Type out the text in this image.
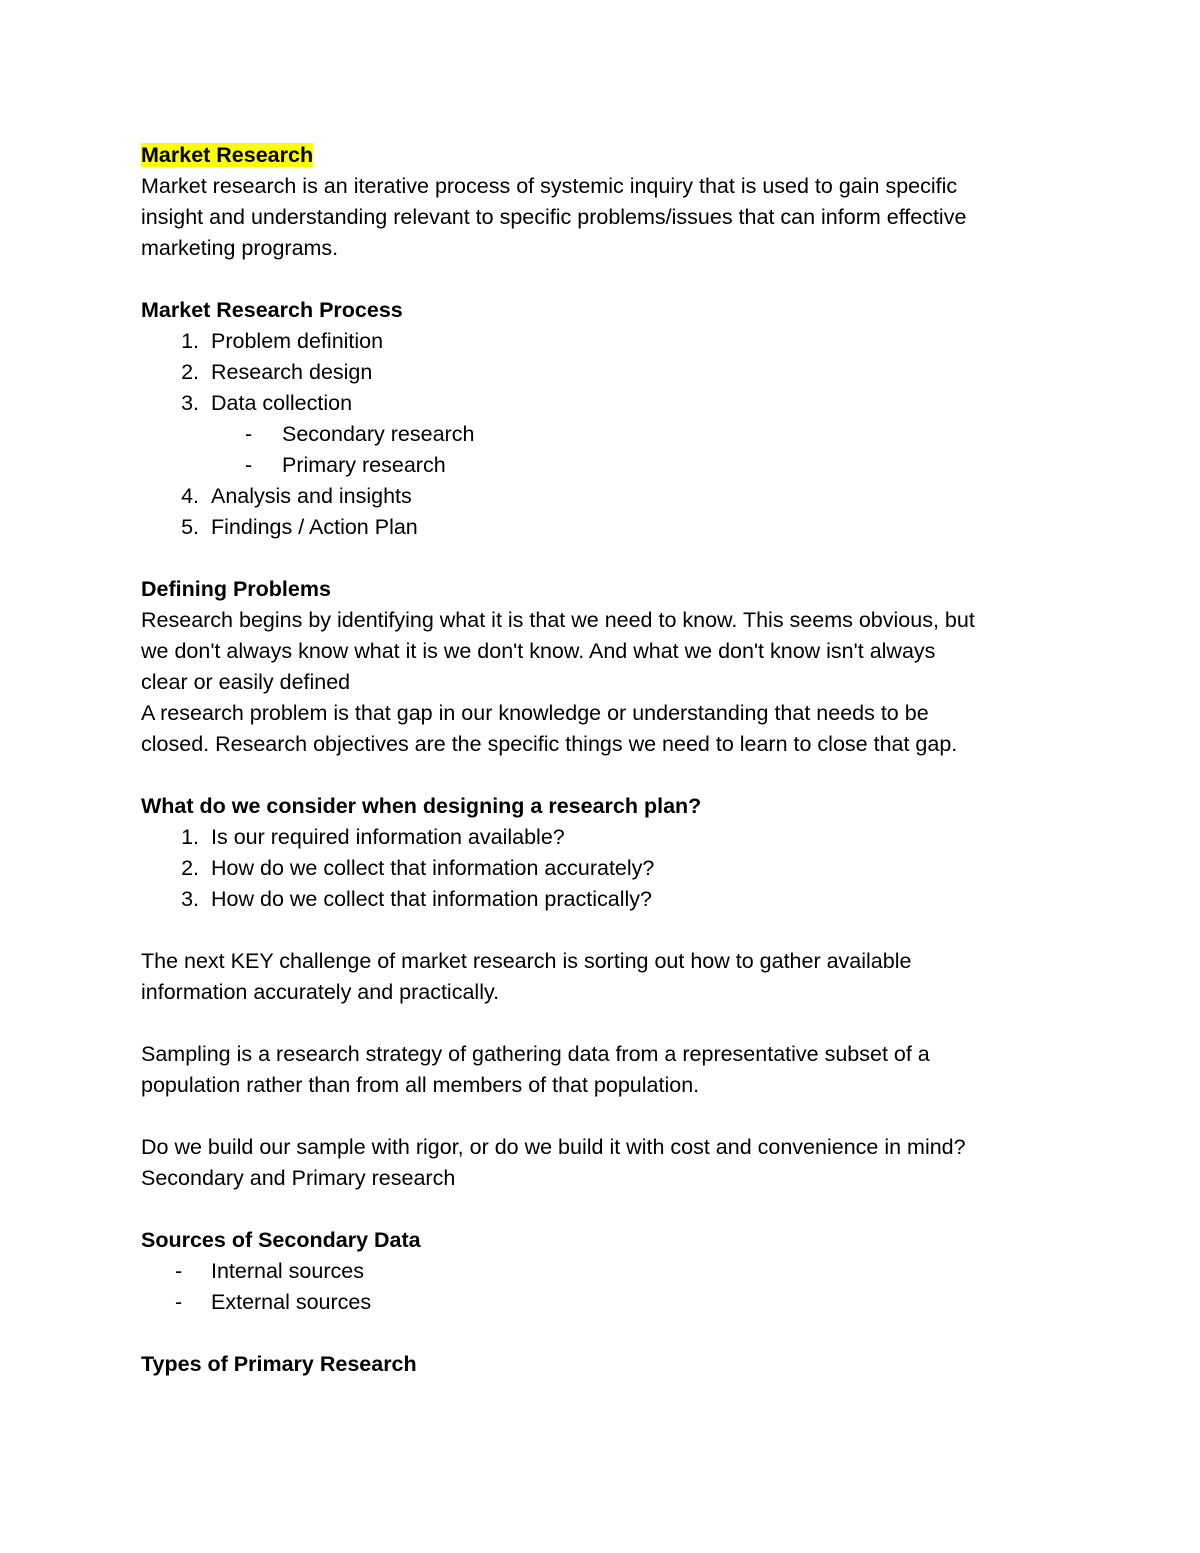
Market Research
Market research is an iterative process of systemic inquiry that is used to gain specific
insight and understanding relevant to specific problems/issues that can inform effective
marketing programs.
Market Research Process
1. Problem definition
2. Research design
3. Data collection
- Secondary research
- Primary research
4. Analysis and insights
5. Findings / Action Plan
Defining Problems
Research begins by identifying what it is that we need to know. This seems obvious, but
we don't always know what it is we don't know. And what we don't know isn't always
clear or easily defined
A research problem is that gap in our knowledge or understanding that needs to be
closed. Research objectives are the specific things we need to learn to close that gap.
What do we consider when designing a research plan?
1. Is our required information available?
2. How do we collect that information accurately?
3. How do we collect that information practically?
The next KEY challenge of market research is sorting out how to gather available
information accurately and practically.
Sampling is a research strategy of gathering data from a representative subset of a
population rather than from all members of that population.
Do we build our sample with rigor, or do we build it with cost and convenience in mind?
Secondary and Primary research
Sources of Secondary Data
- Internal sources
- External sources
Types of Primary Research
